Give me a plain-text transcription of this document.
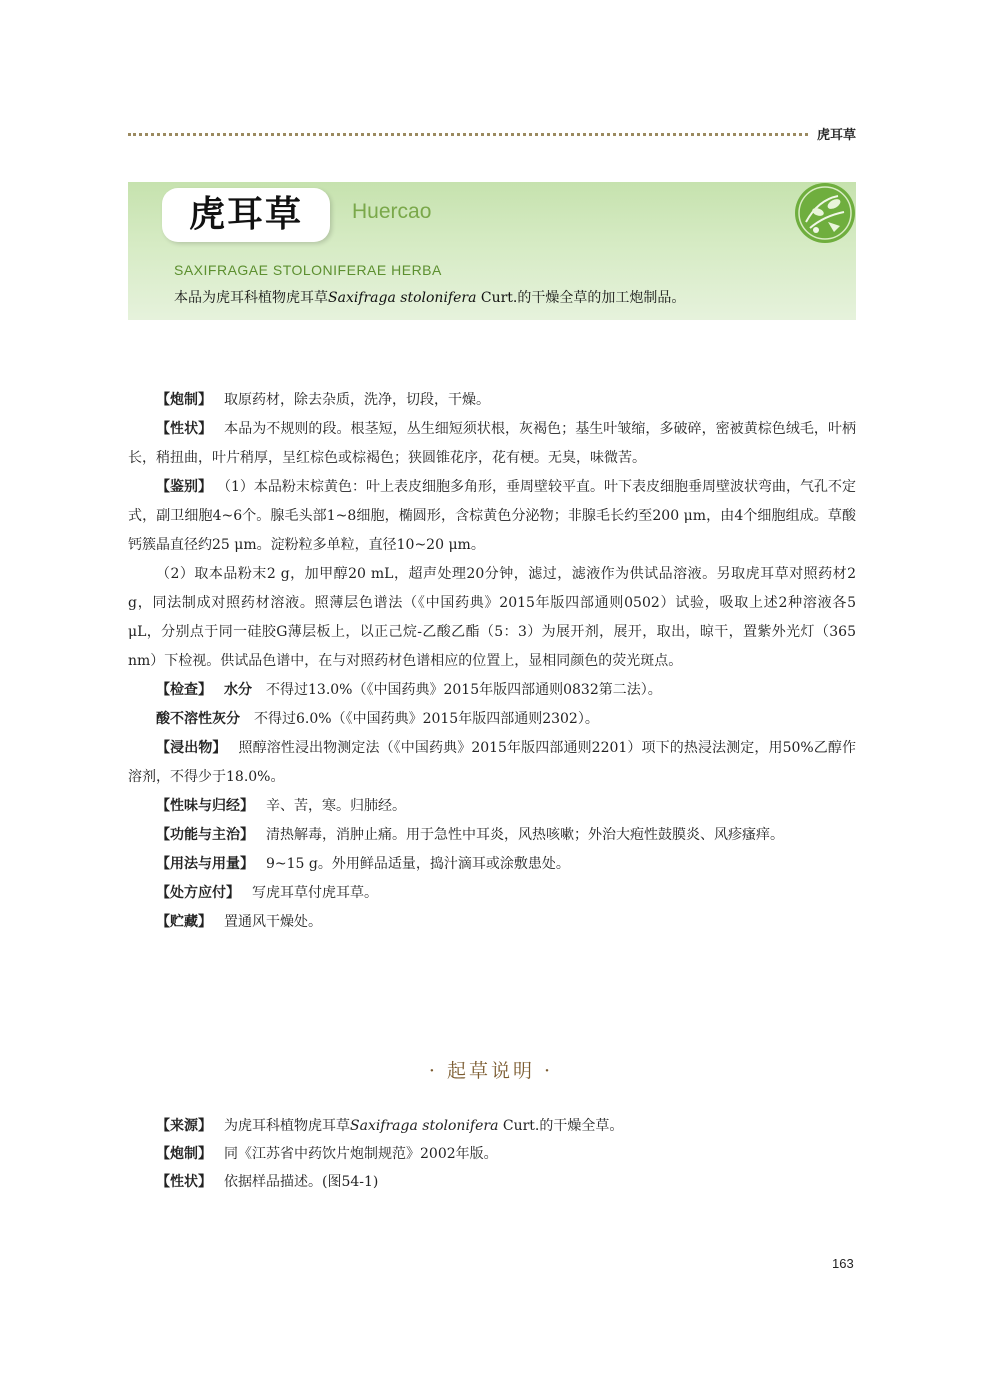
虎耳草
虎耳草	Huercao
SAXIFRAGAE STOLONIFERAE HERBA
本品为虎耳科植物虎耳草Saxifraga stolonifera Curt.的干燥全草的加工炮制品。

【炮制】 取原药材，除去杂质，洗净，切段，干燥。

【性状】 本品为不规则的段。根茎短，丛生细短须状根，灰褐色；基生叶皱缩，多破碎，密被黄棕色绒毛，叶柄长，稍扭曲，叶片稍厚，呈红棕色或棕褐色；狭圆锥花序，花有梗。无臭，味微苦。

【鉴别】 （1）本品粉末棕黄色：叶上表皮细胞多角形，垂周壁较平直。叶下表皮细胞垂周壁波状弯曲，气孔不定式，副卫细胞4~6个。腺毛头部1~8细胞，椭圆形，含棕黄色分泌物；非腺毛长约至200 μm，由4个细胞组成。草酸钙簇晶直径约25 μm。淀粉粒多单粒，直径10~20 μm。

（2）取本品粉末2 g，加甲醇20 mL，超声处理20分钟，滤过，滤液作为供试品溶液。另取虎耳草对照药材2 g，同法制成对照药材溶液。照薄层色谱法（《中国药典》2015年版四部通则0502）试验，吸取上述2种溶液各5 μL，分别点于同一硅胶G薄层板上，以正己烷-乙酸乙酯（5：3）为展开剂，展开，取出，晾干，置紫外光灯（365 nm）下检视。供试品色谱中，在与对照药材色谱相应的位置上，显相同颜色的荧光斑点。

【检查】 水分 不得过13.0%（《中国药典》2015年版四部通则0832第二法）。

酸不溶性灰分 不得过6.0%（《中国药典》2015年版四部通则2302）。

【浸出物】 照醇溶性浸出物测定法（《中国药典》2015年版四部通则2201）项下的热浸法测定，用50%乙醇作溶剂，不得少于18.0%。

【性味与归经】 辛、苦，寒。归肺经。

【功能与主治】 清热解毒，消肿止痛。用于急性中耳炎，风热咳嗽；外治大疱性鼓膜炎、风疹瘙痒。

【用法与用量】 9~15 g。外用鲜品适量，捣汁滴耳或涂敷患处。

【处方应付】 写虎耳草付虎耳草。

【贮藏】 置通风干燥处。

· 起草说明 ·

【来源】 为虎耳科植物虎耳草Saxifraga stolonifera Curt.的干燥全草。

【炮制】 同《江苏省中药饮片炮制规范》2002年版。

【性状】 依据样品描述。(图54-1)

163
